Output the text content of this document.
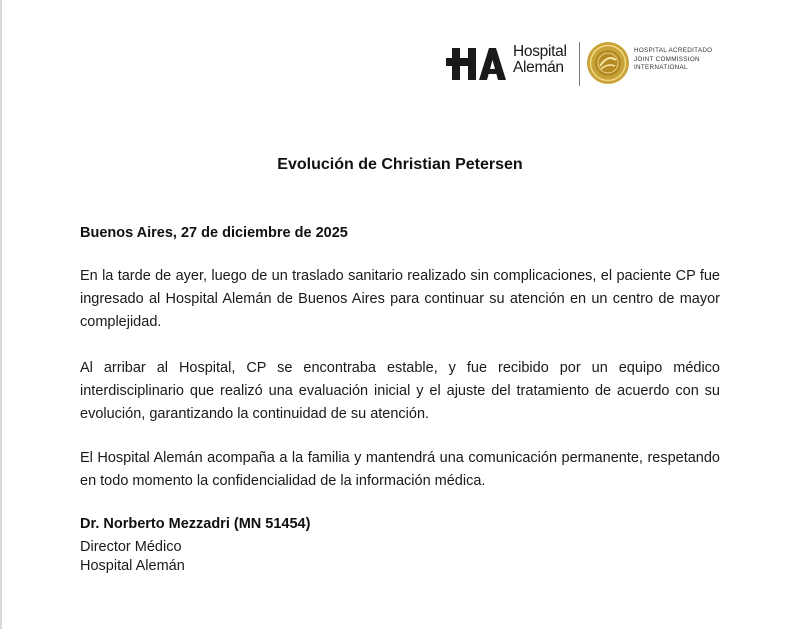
Hospital
Alemán
HOSPITAL ACREDITADO
JOINT COMMISSION
INTERNATIONAL
Evolución de Christian Petersen
Buenos Aires, 27 de diciembre de 2025
En la tarde de ayer, luego de un traslado sanitario realizado sin complicaciones, el paciente CP fue ingresado al Hospital Alemán de Buenos Aires para continuar su atención en un centro de mayor complejidad.
Al arribar al Hospital, CP se encontraba estable, y fue recibido por un equipo médico interdisciplinario que realizó una evaluación inicial y el ajuste del tratamiento de acuerdo con su evolución, garantizando la continuidad de su atención.
El Hospital Alemán acompaña a la familia y mantendrá una comunicación permanente, respetando en todo momento la confidencialidad de la información médica.
Dr. Norberto Mezzadri (MN 51454)
Director Médico
Hospital Alemán
